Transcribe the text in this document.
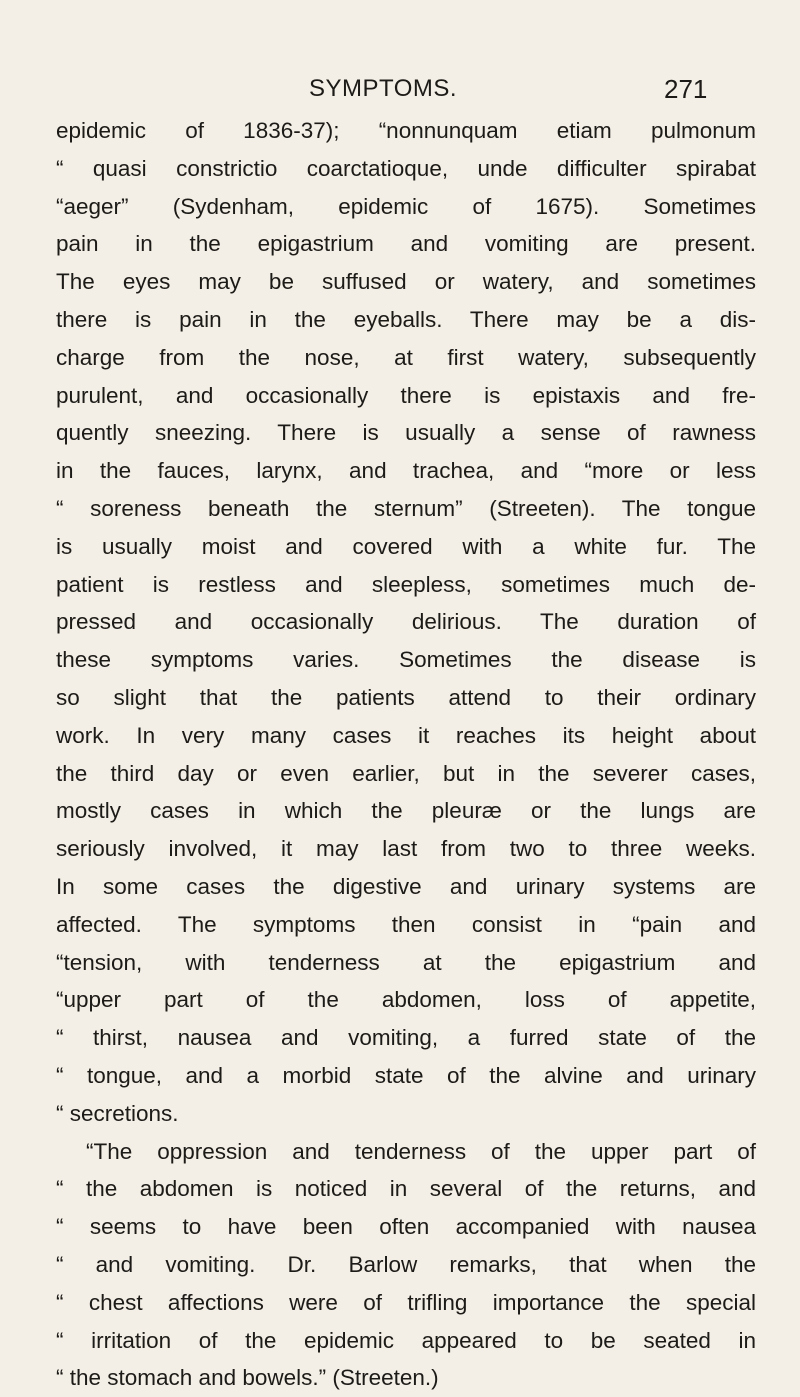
SYMPTOMS.	271
epidemic of 1836-37); “nonnunquam etiam pulmonum
“ quasi constrictio coarctatioque, unde difficulter spirabat
“aeger” (Sydenham, epidemic of 1675). Sometimes
pain in the epigastrium and vomiting are present.
The eyes may be suffused or watery, and sometimes
there is pain in the eyeballs. There may be a dis-
charge from the nose, at first watery, subsequently
purulent, and occasionally there is epistaxis and fre-
quently sneezing. There is usually a sense of rawness
in the fauces, larynx, and trachea, and “more or less
“ soreness beneath the sternum” (Streeten). The tongue
is usually moist and covered with a white fur. The
patient is restless and sleepless, sometimes much de-
pressed and occasionally delirious. The duration of
these symptoms varies. Sometimes the disease is
so slight that the patients attend to their ordinary
work. In very many cases it reaches its height about
the third day or even earlier, but in the severer cases,
mostly cases in which the pleuræ or the lungs are
seriously involved, it may last from two to three weeks.
In some cases the digestive and urinary systems are
affected. The symptoms then consist in “pain and
“tension, with tenderness at the epigastrium and
“upper part of the abdomen, loss of appetite,
“ thirst, nausea and vomiting, a furred state of the
“ tongue, and a morbid state of the alvine and urinary
“ secretions.
“The oppression and tenderness of the upper part of
“ the abdomen is noticed in several of the returns, and
“ seems to have been often accompanied with nausea
“ and vomiting. Dr. Barlow remarks, that when the
“ chest affections were of trifling importance the special
“ irritation of the epidemic appeared to be seated in
“ the stomach and bowels.” (Streeten.)
